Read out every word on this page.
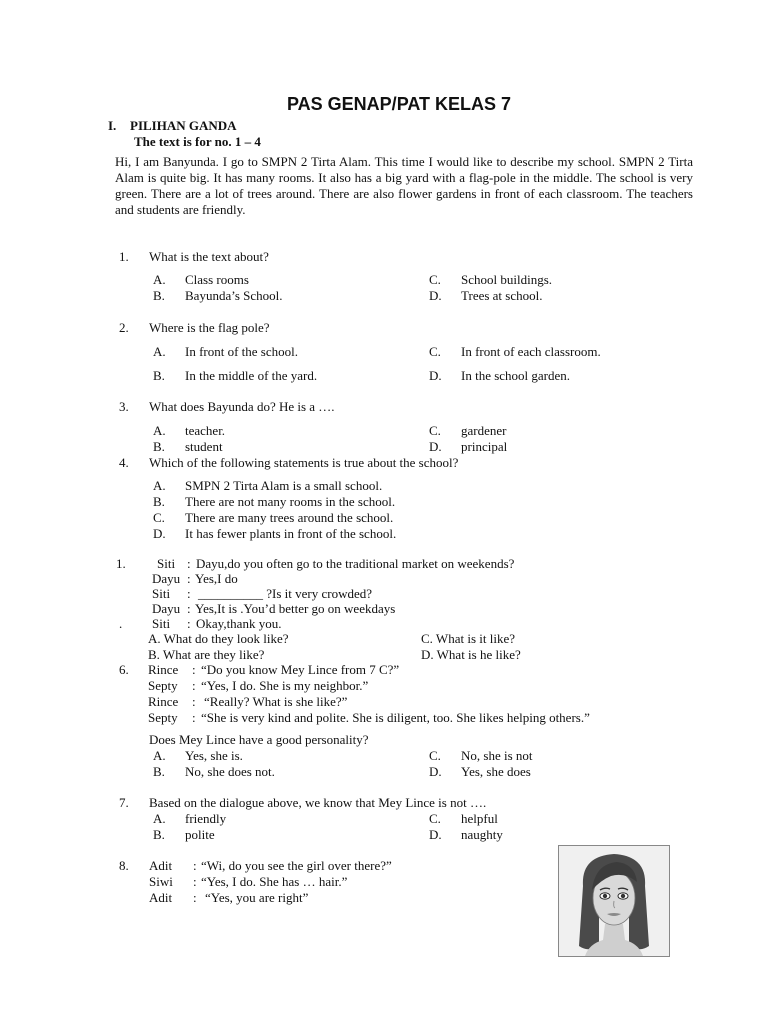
PAS GENAP/PAT KELAS 7
I. PILIHAN GANDA
The text is for no. 1 – 4
Hi, I am Banyunda. I go to SMPN 2 Tirta Alam. This time I would like to describe my school. SMPN 2 Tirta Alam is quite big. It has many rooms. It also has a big yard with a flag-pole in the middle. The school is very green. There are a lot of trees around. There are also flower gardens in front of each classroom. The teachers and students are friendly.
1. What is the text about?
A. Class rooms
B. Bayunda’s School.
C. School buildings.
D. Trees at school.
2. Where is the flag pole?
A. In front of the school.
B. In the middle of the yard.
C. In front of each classroom.
D. In the school garden.
3. What does Bayunda do? He is a ….
A. teacher.
B. student
C. gardener
D. principal
4. Which of the following statements is true about the school?
A. SMPN 2 Tirta Alam is a small school.
B. There are not many rooms in the school.
C. There are many trees around the school.
D. It has fewer plants in front of the school.
1. Siti : Dayu,do you often go to the traditional market on weekends?
Dayu : Yes,I do
Siti : __________ ?Is it very crowded?
Dayu : Yes,It is .You’d better go on weekdays
. Siti : Okay,thank you.
A. What do they look like?
B. What are they like?
C. What is it like?
D. What is he like?
6. Rince : “Do you know Mey Lince from 7 C?”
Septy : “Yes, I do. She is my neighbor.”
Rince : “Really? What is she like?”
Septy : “She is very kind and polite. She is diligent, too. She likes helping others.”
Does Mey Lince have a good personality?
A. Yes, she is.
B. No, she does not.
C. No, she is not
D. Yes, she does
7. Based on the dialogue above, we know that Mey Lince is not ….
A. friendly
B. polite
C. helpful
D. naughty
8. Adit : “Wi, do you see the girl over there?”
Siwi : “Yes, I do. She has … hair.”
Adit : “Yes, you are right”
